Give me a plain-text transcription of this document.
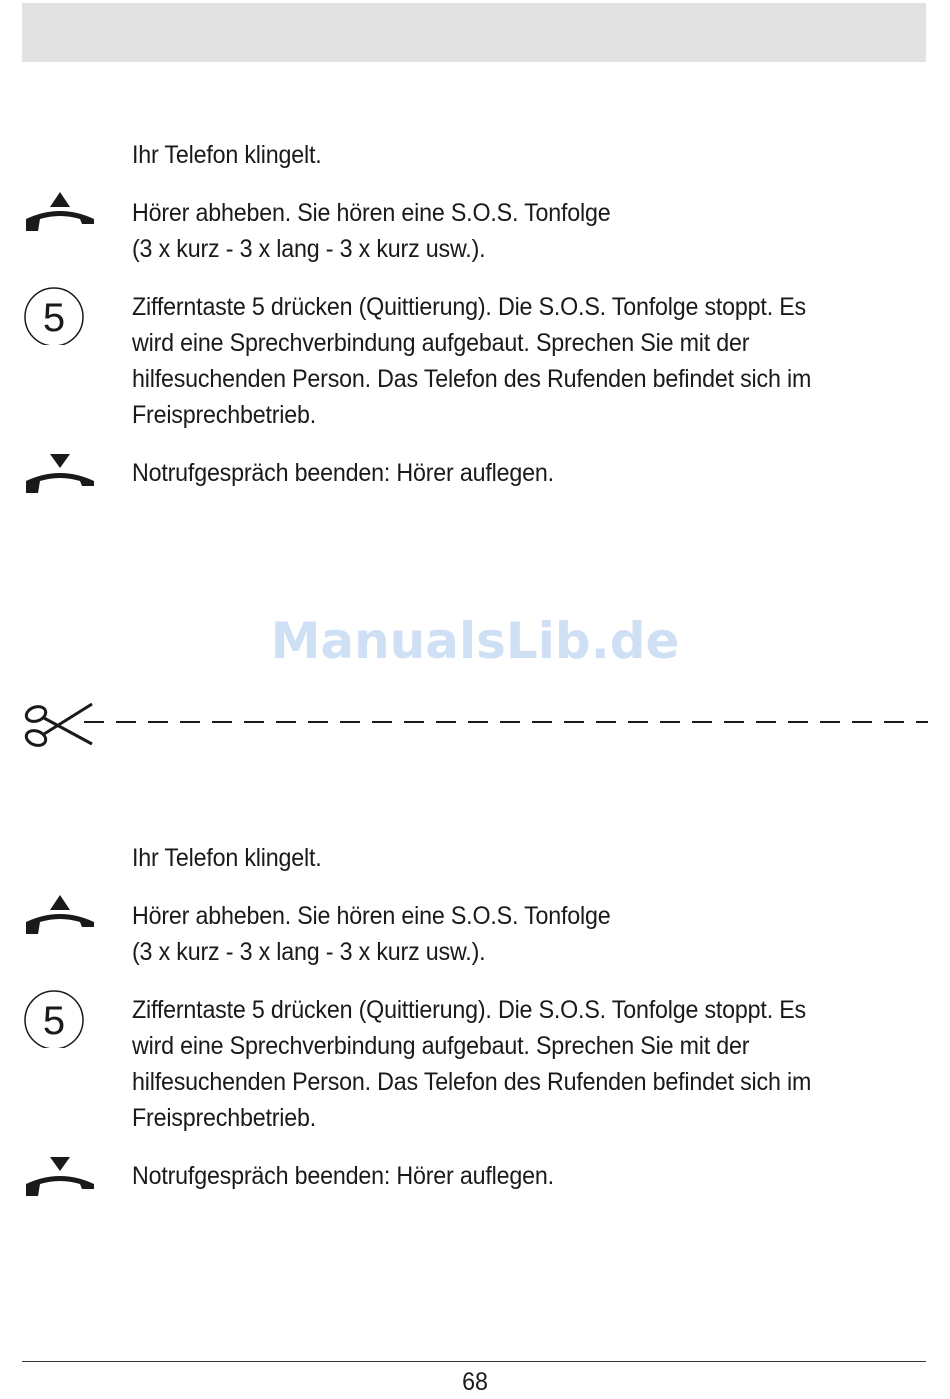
Ihr Telefon klingelt.
Hörer abheben. Sie hören eine S.O.S. Tonfolge
(3 x kurz - 3 x lang - 3 x kurz usw.).
5	Zifferntaste 5 drücken (Quittierung). Die S.O.S. Tonfolge stoppt. Es
wird eine Sprechverbindung aufgebaut. Sprechen Sie mit der
hilfesuchenden Person. Das Telefon des Rufenden befindet sich im
Freisprechbetrieb.
Notrufgespräch beenden: Hörer auflegen.
ManualsLib.de
Ihr Telefon klingelt.
Hörer abheben. Sie hören eine S.O.S. Tonfolge
(3 x kurz - 3 x lang - 3 x kurz usw.).
5	Zifferntaste 5 drücken (Quittierung). Die S.O.S. Tonfolge stoppt. Es
wird eine Sprechverbindung aufgebaut. Sprechen Sie mit der
hilfesuchenden Person. Das Telefon des Rufenden befindet sich im
Freisprechbetrieb.
Notrufgespräch beenden: Hörer auflegen.
68
